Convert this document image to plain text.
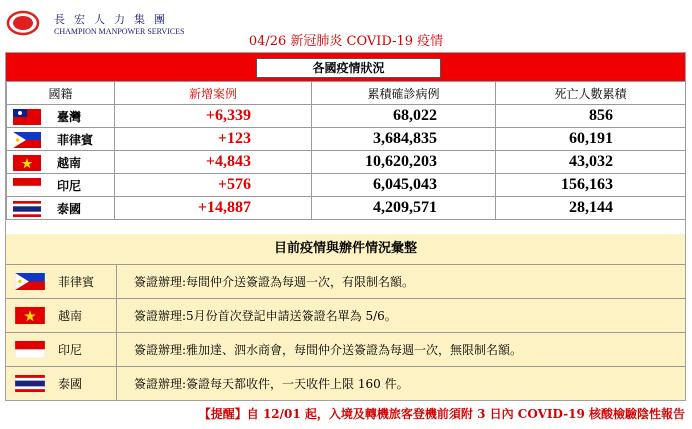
長宏人力集團
CHAMPION MANPOWER SERVICES
04/26 新冠肺炎 COVID-19 疫情
各國疫情狀況
國籍	新增案例	累積確診病例	死亡人數累積

臺灣	+6,339	68,022	856

菲律賓	+123	3,684,835	60,191

越南	+4,843	10,620,203	43,032

印尼	+576	6,045,043	156,163

泰國	+14,887	4,209,571	28,144
目前疫情與辦件情況彙整
菲律賓	簽證辦理:每間仲介送簽證為每週一次，有限制名額。
越南	簽證辦理:5月份首次登記申請送簽證名單為 5/6。
印尼	簽證辦理:雅加達、泗水商會，每間仲介送簽證為每週一次，無限制名額。
泰國	簽證辦理:簽證每天都收件，一天收件上限 160 件。
【提醒】自 12/01 起，入境及轉機旅客登機前須附 3 日內 COVID-19 核酸檢驗陰性報告
